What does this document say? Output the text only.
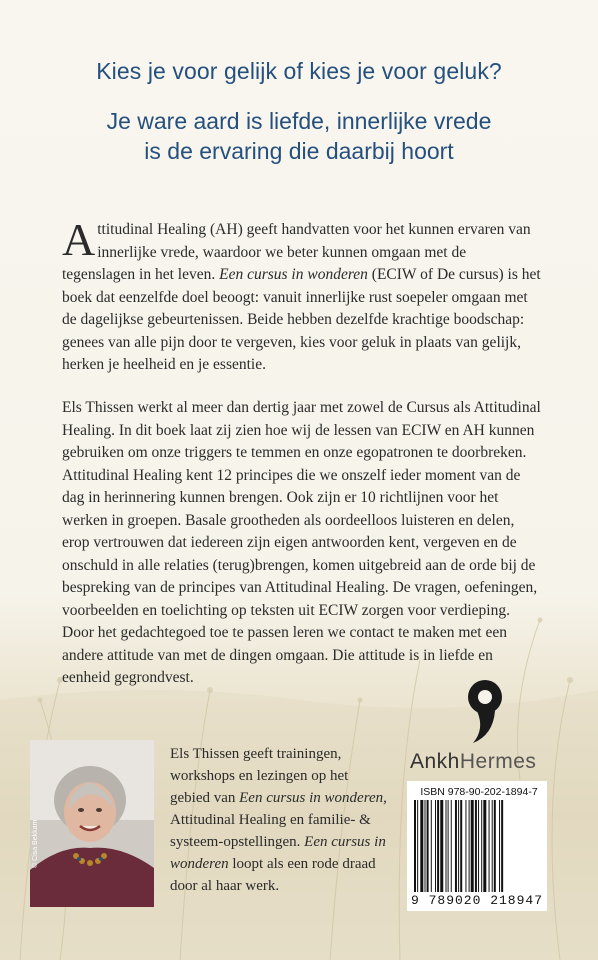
Kies je voor gelijk of kies je voor geluk?
Je ware aard is liefde, innerlijke vrede
is de ervaring die daarbij hoort

Attitudinal Healing (AH) geeft handvatten voor het kunnen ervaren van innerlijke vrede, waardoor we beter kunnen omgaan met de tegenslagen in het leven. Een cursus in wonderen (ECIW of De cursus) is het boek dat eenzelfde doel beoogt: vanuit innerlijke rust soepeler omgaan met de dagelijkse gebeurtenissen. Beide hebben dezelfde krachtige boodschap: genees van alle pijn door te vergeven, kies voor geluk in plaats van gelijk, herken je heelheid en je essentie.

Els Thissen werkt al meer dan dertig jaar met zowel de Cursus als Attitudinal Healing. In dit boek laat zij zien hoe wij de lessen van ECIW en AH kunnen gebruiken om onze triggers te temmen en onze egopatronen te doorbreken. Attitudinal Healing kent 12 principes die we onszelf ieder moment van de dag in herinnering kunnen brengen. Ook zijn er 10 richtlijnen voor het werken in groepen. Basale grootheden als oordeelloos luisteren en delen, erop vertrouwen dat iedereen zijn eigen antwoorden kent, vergeven en de onschuld in alle relaties (terug)brengen, komen uitgebreid aan de orde bij de bespreking van de principes van Attitudinal Healing. De vragen, oefeningen, voorbeelden en toelichting op teksten uit ECIW zorgen voor verdieping. Door het gedachtegoed toe te passen leren we contact te maken met een andere attitude van met de dingen omgaan. Die attitude is in liefde en eenheid gegrondvest.

© Cisa Bekkam

Els Thissen geeft trainingen, workshops en lezingen op het gebied van Een cursus in wonderen, Attitudinal Healing en familie- & systeem-opstellingen. Een cursus in wonderen loopt als een rode draad door al haar werk.

AnkhHermes
ISBN 978-90-202-1894-7
9 789020 218947
